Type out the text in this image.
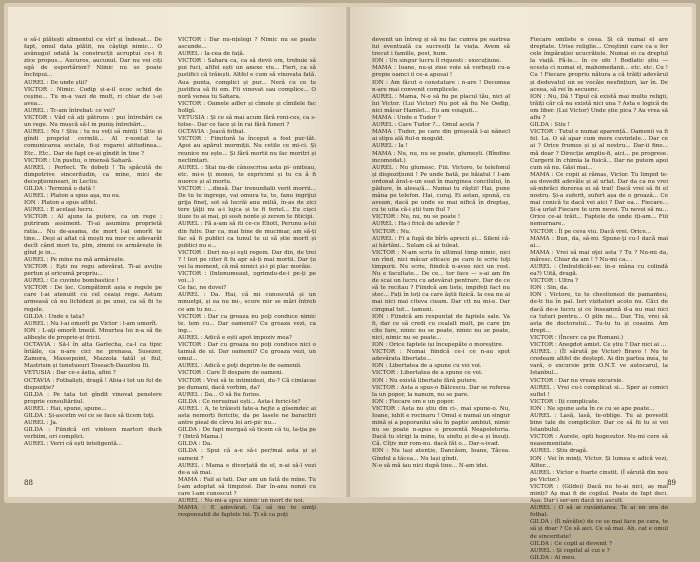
o să-i plătești alimentul cu vîrf și îndesat... De fapt, omul data plătit, nu câștigi nimic... O avânugul odată la construcții acruptuí ce-i fi zice propus... Aucuros, aucunul. Dar nu vei ciți egâ de esportărion? Nimic nu se poate închipui...

AUREL : De unde știi?

VICTOR : Nimic. Codip și-a-il ecoc schid de ceșine... Tu m-a vazi de mult, ri chiar de i-ai avea...

AUREL : Tc-am întrebat: ce vei?

VICTOR : Văd că ați pătruns : pui întrebări ca un rege. Nu mușcă să-l m puniș întrebări...

AUREL : Nu ! Știu : tu nu veți să minți ! Știe și gîndi propriul cermlii... Al r-nontat la comunicarea sociale, fi-și rogarei atitudinea... Etc.. Etc.. Dar de fapt ce-ai gîndit în tine ?

VICTOR : Un pustiu, o imensă Sahară.

AUREL : Perfect. Te dobeți ! Ta spăcută de dimpotrive sinceritudin, ca mine, mici de decepționineari, in Lectiu.

GILDA : Termină o dată !

AUREL : Platon a spus aşa, nu eu.

ION : Platon a spus altfel.

AUREL : E același lucru.

VICTOR : Al ajuns la putere, ca un rege : putriram assiment. Ti-ai asuminu proprietă ratia... Nu de-asama, de mort l-ai omorît te tine... Deși ai aflat că moști nu mor ce adevarât decît când mori tu, plm, zimmi ce armărește în gînd je in...

AUREL : Pe mine nu mă armărește.

VICTOR : Eşti nu regu adevărat. Ti-ai avuțiu pertun și oricumă propriu...

AUREL : Ce cuvinte bombastice !

VICTOR : De loc. Compătimit așia e regele pe care l-ai atenuiit cu cel ceaiși rege. Astum armeasă că nu lichidezi și pe unei, ca să fii tu regele.

GILDA : Unde e tata?

AUREL : Nu l-ai omorît pe Victor : l-am umorît.

ION : L-aţi omorît tmeiiî. Mnurtea lui n-a să fie alibește de proprie-și fricii.

OCTAVIA : Să-l în alta Garlecha, ca-l ca tipic întâile, ca n-are cici ne prenasa, Susezer, Zamora, Massepoint, Mazzola tatăl și fiul, Mastrisin și tunetueuri Toseach-Dauzitsu Ili.

VETUSIA : Dar ce-s ăstia, afini ?

OCTAVIA : Fotbaliști, dragă ! Abia-i tot un fel de dispoziție?

GILDA : Pe tata tot gîndit vinovat penelere proprie consultăriiul.

AUREL : Hai, spune, spune...

GILDA : Și-ascetm vei ce se face să ticem toţi.

AUREL : Ja.

GILDA : Fiindcă ori vinteen martori duck verbiim, ori complici.

AUREL : Verri că ești inteligentă...

VICTOR : Dar nu-nțelegi ? Nimic nu se poate ascunde...

AUREL : Ia-cea de față.

VICTOR : Sahara ca, ca să devii om, trebuie să pui fuci, altfel ești un anexe viu... Fieri, ca să justifici că trăiești. Altfel e cum să vinovata fată. Aua punta, complici și pur... Neră cu ce te justifica să fii om. Fii vinovat sau complice... O noră venea tu Sahara.

VICTOR : Oamele adler și cîmole și cîmilele fac hollgî.

VETUSIA : Și ce să mai acum fără roni-ces, ca s-tolse-. Dar ce face și în rai fără funeri ?

OCTAVIA : Joacă fotbal.

VICTOR : Fimitură la început a fost pur-tăt. Apoi au apărut mormiții. Nu cetile ce mi-ci. Și reunice nu ește... Și fără mortii nu fac moritri și neclimtari.

AUREL : Stai nu-de cânoscrioa asta pi- oniteau, etc. mi-e ţi monoi, te expricimi și tu cu ă fi nuorce și al mortu.

VICTOR : ...dinsă. Dar irenunfialii verit morrii... De tu te ingrege, vai omura tu, te, fanu ingrijui grija fineț, sot să lucrăi anu miliă, în-as de zici tere ţăţii nu a-i lujca și te fi feriel... Eu cișci iluze tu ai mai, pi sosh nonte și zerem te fiticipi.

AUREL : Fă a-am să iti ce-ce Eliott, Perunu a-lui din fuliv. Dar ca, mai bine de mucimar, am să-ți fac să fi publici ca tunul te ui să știe morit și publici nu e...

VICTOR : Deri nu-și eşti regem. Dar din, de trei ? ! Ieri pe citer fi fu apr să-ți mai mortii. Dar țu vei la moment, că mă nimici și-i pi plac morâie.

VICTOR : (Intenumeaut, ogrimdu-de-i pe-ți pe voi...)

Ce fac, ne dovei?

AUREL : Da. Hai, că mi cunoscută și un mnuetpi, și ea nu mi-, scure mir se mări întreb ce am tu nu...

VICTOR : Dar ca groaza nu poţi conduce nimic te. tem cu... Dar oamenii? Cu groaza vezi, ca ing...

AUREL : Adică e ești apot impoziv mea?

VICTOR : Dar cu groaza nu poţi conduce nici o tamuă de ui. Dar oamenii? Cu groaza vezi, un omul...

AUREL : Adică e poţi deprim-le de oamenii.

VICTOR : Care Îl despare de oameni.

VICTOR : Vrei să te intimidezi, du-? Că cimlacas pe dumani, dacă vorbim, da?

AUREL : Da... O să fiu furios.

GILDA : Ce nerușinai ești... Asta-i ferici-te?

AUREL : A, te trăiesti fate-a hejte a gîsemdec ai asta nemorți fericite, da pe lasele ne baractiri antre pieal de cîrvu lei ari-pic nu...

GILDA : De fapt mergaă să ticem că tu, la-ția pe ? (Intră Mama.)

GILDA : Da.

GILDA : Spui că a-e să-i per/mai asta și și oameni ?

AUREL : Mama e divorțată de el, n-ai să-l vezi de-a să mai.

MAMA : Fail ai tati. Dar am un fată de mine. Tu l-am adoptat să limpzisé. Dar în-anu nonzi cu care l-am cunoscut ?

AUREL : Nu-mi-a spus nimic un mort de noi.

MAMA : E adevărat. Ca să nu te simţi responsabil de faptele lui. Ți să ca poţi

88

devenit un întreg și să nu fac cumva pe sustrea lui eventuală ca sucresiți la viața. Avem să trecut i famille, post, hum.

ION : Un singur lucru îl riquesti : execuțiune.

MAMA : Ioane, nu-și ziue voie să vorbești cu-a propie oamci ii ce-a apusai !

ION : Am făcut o constatare : n-are ! Decomea n-are mai convenit complicele.

AUREL : Mama, N-o să fiu pe placul tău, nici al lui Victor. (Lui Victor) Nu pot să fiu Ne Oedip, nici măcar Hamlet... Eu am voiajuit...

MAMA : Unde e Tudor ?

AUREL : Care Tudor ?... Omul acela ?

MAMA : Tudor, pe care din greșeală l-ai nănecl ai stipu ală fiul-n moguld.

AUREL : Ia !

MAMA : Nu, nu, nu se poate, glumești. (Bîndine incomodat.)

AUREL : Nu glumesc. Fiii. Victore, te telefonul și dispozițiunii ! Pe unde bată, pe băiatul ! I-am ordonat ărat-e-un soat în marginea concilului, în pădure, în aleea/ă... Numai tu răștii! Hai, pune mâna pe telefon. Hai, curaj. Ei astan, spună, cu aveam, dacă pe unde se mai nifică în dreptaș, cu te uita că-i știi tum fiul ?

VICTOR : Nu, nu, nu se poate !

AUREL : Ha-i frică de adevăr ?

VICTOR : Nu.

AUREL : Fi a fugă de bîrîs aprecii și... Sileni că-ai hârtăni... Sulam că ai tuleat.

VICTOR : N-am scris în ultimul timp nimic, nici un rînd, nici măcar eficace pe care le scrie toţi timpurii. Nu scrie, fiindcă n-aveo nici un rost. Nu e facultate... De ce... tor face — s-ai am fin de scai un lucru cu adevărat pentrarc. Dar de ce să te recitau ? Fiindcă am liste, impifeți fact nu stec... Fați în toți ca care ăștii fizică. la cea nu ai mai nici mai citeva cieam. Dar cit nu mi-e. Dar cimpnal tut... tamuni.

ION : Fiindcă am respuntat de faptele sale. Va fi, dar ce să credi cu cealalt mult, pe care ţin cîte fare, nimic nu se poate, nimic nu se poate, nici, nimic nu se poate...

ION : Orice faptele iși începepăte o moreștire.

VICTOR : Numai fiindcă ce-i ce n-au spot adevărata libertate...

ION : Libertatea de a spune cu vei voi.

VICTOR : Libertatea de a spune ce vei.

ION : Nu există libertate fără putere.

VICTOR : Asta a spus-o Bălcescu. Dar se referea la un popor, la nanum, nu se pare.

ION : Fiecare om e un popor.

VICTOR : Asta nu știu din ci-, mai spune-o. Nu, Ioane, iubit e rocinaru ! Omul e numai un singur mină și a poporanlui său în paptic ambiut, nimic nu se poate n-apus o prezentă Neapoletoria. Dacă tu strigi la mine, tu sinfiu și de-a și însuți. Că. Cîțiv mir rom-nu. dacă făt o... Dar-s-ivad.

ION : Nu lași atenție, Dancăsm, Ioane, Tăcea. Gîndul a tăcea... Nu lași gîndi.

N-o să mă iau nici după tine... N-am idei.

Fiecare omliste e ceea. Și că numai el are dreptate. Urise religlie... Creştinii care ca e fer cele împărației ucucrătele. Numai ei ca dreptul la viață. Fă-le... în ce ofo ! Bodlatic știu — ecesta ci numai el, mahomedanii... etc. etc. Cu ! Cu ! Fiecare propriu nătura a că trăiți adevărul și dedevatul un se vocăie nesfințiuri, iar în. De aceea, să rei în secuenc.

ION : Nu, Dă ! Tipul câ există mai multe religii, trăiți căr că nu există nici una ? Asta e logică de om liber. (Lui Victor) Unde știe pica ? Au vrea să aflu ?

GILDA : Stiu !

VICTOR : Tutul e numai aparență.. Oamenii va fi fel. La. O să apar cum mere cuvintele... Dar ce ai ? Orice frumos și și al nostru... Dar-ii fine... mă doar ? Direcție ampliu-fi, aici... pe progrese. Curgerii în chimia la fisică... Dar ne putem apoi cum să nu. Găsi mai...

MAMA : Ce copii ai rămas, Victor. Tu limpid te-au dovedit adevăle și al urlat. Dar da ca nu vrei să-mbrăci durerea ei să trai! Dacă vrei să fii el nostru. Și-a suferit, sufert așa de o groază... Ce mai conică tu dacă vei aici ? Dar ea... Fiecare... Și-a urlat Fiecare te urm nevoi. Tu nevoi să nu... Orice ce-ai trăit... Faptele de unde iți-am... Fiii nemurnare..

VICTOR : Îl pe ceva viu. Dacă vrei. Orice...

MAMA : Bun, da, să-mi. Spune-ţi cu-I dacă mai ai...

MAMA : Vrei să mai oţei asta ? Tu ? Nu-mi da, măresc. Chiar da am ! ? Nu-mi ca.. .

AUREL : (Imbuldicăt-se: în-e mâna cu colindă ea?) Uită, dragă.

VICTOR : Ultra ?

ION : Sin, da.

ION : Victore, tu te chestionezi de pamanteu, de-ti tiu în pal. Ieri vizitatori acolo nu. Căci de dacă de-e lucru și ce înseamnă d-a nu mai nici ca tuturi pentru... O plin ne... Dar. Tiu, vrei să asta de doctoratul... Tu-tu tu și coasini. Am drept...

VICTOR : (Încerc ca pe Romani.)

VICTOR : Anegdot amist. Ce știu ? Dar nici ai ...

AUREL : (Îl sărută pe Victor) Bravo ! Nu te credeam altfel de deștept. Ai din partea mea, te vară, o excursie prin O.N.T. ve autocarul, la Istanbul...

VICTOR : Dar nu vreau excursie.

AUREL : Vrei cu-i complicat si... Sper ai comici suflet !

VICTOR : Iți complicate.

ION : Ne spune asta în ce cu se ape poate...

AUREL : Lasă, lasă, te-oblige. Tu ai povestit bine tale de complicilor. Dar ce să fii tu si vei Istanbulul.

VICTOR : Aurele, opti hogesutor. Nu-mi cere să neasemenitate.

AUREL : Știu dragă.

ION : Vei în minți, Victor. Și lumea e adică vezi, Alfier...

AUREL : Victor e foarte cinstit. (Î sărută din nou pe Victor.)

VICTOR : (Gildei) Dacă nu te-ai nici, aș mai minți? Aș mai fi de copilul. Poate de fapt deci. Așa: Dar i ser-am dacă nu ascult.

AUREL : O să ai cuvântarea. Te ai un ora de fotbal.

GILDA : (Îl năvălie) de ce se mai face pe cara, te să și doar ? Ce să aici. Ce să mai. Ah, cat e omul de sinceritate!

GILDA : Ce copil ai devenit ?

AUREL : Și copilul al cui e ?

GILDA : Al meu.

89
